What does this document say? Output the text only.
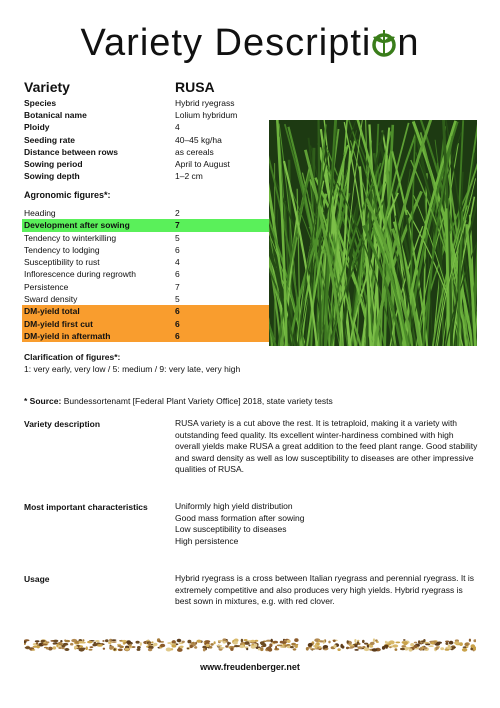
Variety Descripti n
Variety	RUSA
Species	Hybrid ryegrass
Botanical name	Lolium hybridum
Ploidy	4
Seeding rate	40–45 kg/ha
Distance between rows	as cereals
Sowing period	April to August
Sowing depth	1–2 cm
Agronomic figures*:
Heading	2
Development after sowing	7
Tendency to winterkilling	5
Tendency to lodging	6
Susceptibility to rust	4
Inflorescence during regrowth	6
Persistence	7
Sward density	5
DM-yield total	6
DM-yield first cut	6
DM-yield in aftermath	6
Clarification of figures*:
1: very early, very low / 5: medium / 9: very late, very high
* Source: Bundessortenamt [Federal Plant Variety Office] 2018, state variety tests
Variety description	RUSA variety is a cut above the rest. It is tetraploid, making it a variety with outstanding feed quality. Its excellent winter-hardiness combined with high overall yields make RUSA a great addition to the feed plant range. Good stability and sward density as well as low susceptibility to diseases are other impressive qualities of RUSA.
Most important characteristics	Uniformly high yield distribution
Good mass formation after sowing
Low susceptibility to diseases
High persistence
Usage	Hybrid ryegrass is a cross between Italian ryegrass and perennial ryegrass. It is extremely competitive and also produces very high yields. Hybrid ryegrass is best sown in mixtures, e.g. with red clover.
www.freudenberger.net
